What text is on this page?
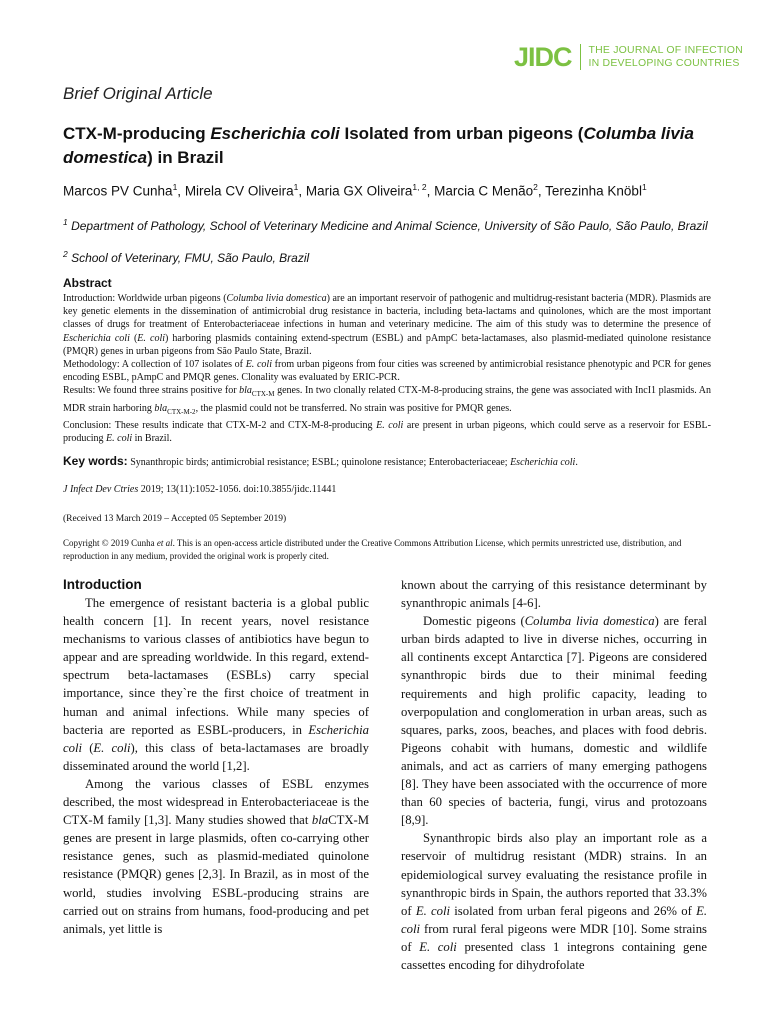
JIDC THE JOURNAL OF INFECTION
IN DEVELOPING COUNTRIES
Brief Original Article
CTX-M-producing Escherichia coli Isolated from urban pigeons (Columba livia domestica) in Brazil
Marcos PV Cunha$^1$, Mirela CV Oliveira$^1$, Maria GX Oliveira$^{1, 2}$, Marcia C Menão$^2$, Terezinha Knöbl$^1$
$^1$ Department of Pathology, School of Veterinary Medicine and Animal Science, University of São Paulo, São Paulo, Brazil
$^2$ School of Veterinary, FMU, São Paulo, Brazil
Abstract

Introduction: Worldwide urban pigeons (Columba livia domestica) are an important reservoir of pathogenic and multidrug-resistant bacteria (MDR). Plasmids are key genetic elements in the dissemination of antimicrobial drug resistance in bacteria, including beta-lactams and quinolones, which are the most important classes of drugs for treatment of Enterobacteriaceae infections in human and veterinary medicine. The aim of this study was to determine the presence of Escherichia coli (E. coli) harboring plasmids containing extend-spectrum (ESBL) and pAmpC beta-lactamases, also plasmid-mediated quinolone resistance (PMQR) genes in urban pigeons from São Paulo State, Brazil.

Methodology: A collection of 107 isolates of E. coli from urban pigeons from four cities was screened by antimicrobial resistance phenotypic and PCR for genes encoding ESBL, pAmpC and PMQR genes. Clonality was evaluated by ERIC-PCR.

Results: We found three strains positive for bla$_{CTX-M}$ genes. In two clonally related CTX-M-8-producing strains, the gene was associated with IncI1 plasmids. An MDR strain harboring bla$_{CTX-M-2}$, the plasmid could not be transferred. No strain was positive for PMQR genes.

Conclusion: These results indicate that CTX-M-2 and CTX-M-8-producing E. coli are present in urban pigeons, which could serve as a reservoir for ESBL-producing E. coli in Brazil.

Key words: Synanthropic birds; antimicrobial resistance; ESBL; quinolone resistance; Enterobacteriaceae; Escherichia coli.
J Infect Dev Ctries 2019; 13(11):1052-1056. doi:10.3855/jidc.11441
(Received 13 March 2019 – Accepted 05 September 2019)
Copyright © 2019 Cunha et al. This is an open-access article distributed under the Creative Commons Attribution License, which permits unrestricted use, distribution, and reproduction in any medium, provided the original work is properly cited.
Introduction

The emergence of resistant bacteria is a global public health concern [1]. In recent years, novel resistance mechanisms to various classes of antibiotics have begun to appear and are spreading worldwide. In this regard, extend-spectrum beta-lactamases (ESBLs) carry special importance, since they`re the first choice of treatment in human and animal infections. While many species of bacteria are reported as ESBL-producers, in Escherichia coli (E. coli), this class of beta-lactamases are broadly disseminated around the world [1,2].

Among the various classes of ESBL enzymes described, the most widespread in Enterobacteriaceae is the CTX-M family [1,3]. Many studies showed that blaCTX-M genes are present in large plasmids, often co-carrying other resistance genes, such as plasmid-mediated quinolone resistance (PMQR) genes [2,3]. In Brazil, as in most of the world, studies involving ESBL-producing strains are carried out on strains from humans, food-producing and pet animals, yet little is

known about the carrying of this resistance determinant by synanthropic animals [4-6].

Domestic pigeons (Columba livia domestica) are feral urban birds adapted to live in diverse niches, occurring in all continents except Antarctica [7]. Pigeons are considered synanthropic birds due to their minimal feeding requirements and high prolific capacity, leading to overpopulation and conglomeration in urban areas, such as squares, parks, zoos, beaches, and places with food debris. Pigeons cohabit with humans, domestic and wildlife animals, and act as carriers of many emerging pathogens [8]. They have been associated with the occurrence of more than 60 species of bacteria, fungi, virus and protozoans [8,9].

Synanthropic birds also play an important role as a reservoir of multidrug resistant (MDR) strains. In an epidemiological survey evaluating the resistance profile in synanthropic birds in Spain, the authors reported that 33.3% of E. coli isolated from urban feral pigeons and 26% of E. coli from rural feral pigeons were MDR [10]. Some strains of E. coli presented class 1 integrons containing gene cassettes encoding for dihydrofolate
